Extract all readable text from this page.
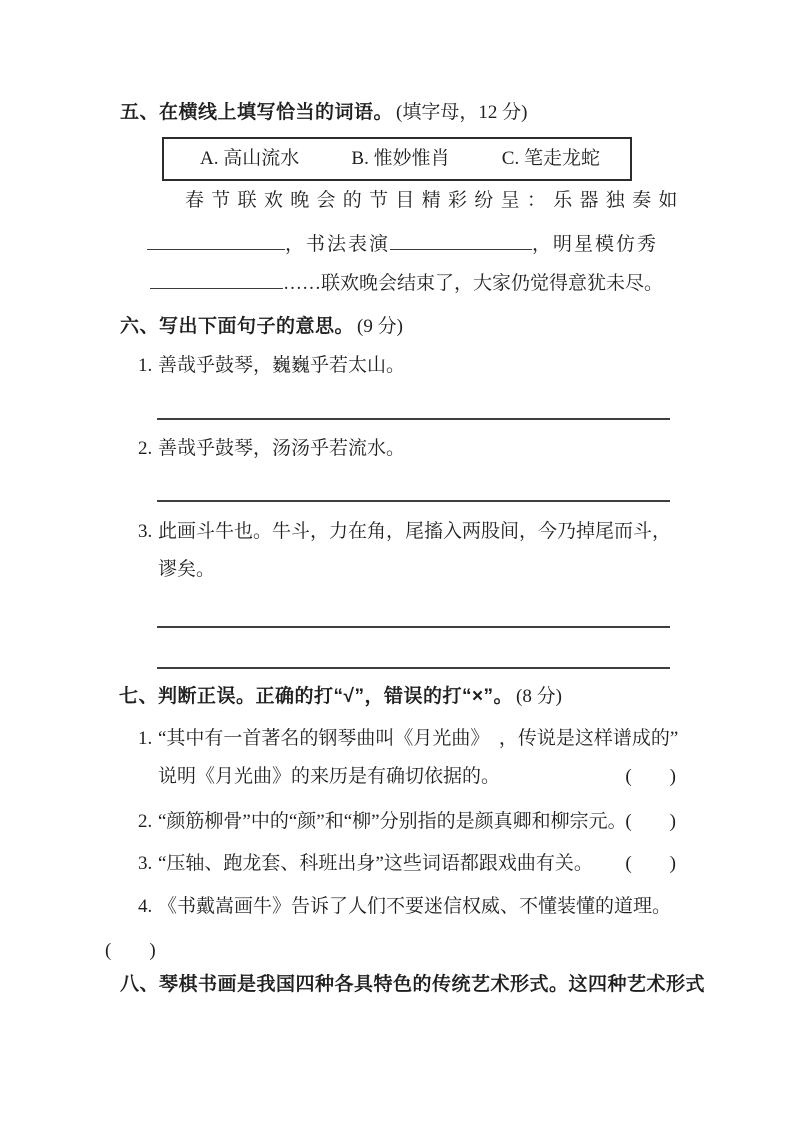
五、在横线上填写恰当的词语。 (填字母，12 分)
A. 高山流水	B. 惟妙惟肖	C. 笔走龙蛇
春节联欢晚会的节目精彩纷呈：乐器独奏如
，书法表演	，明星模仿秀
……联欢晚会结束了，大家仍觉得意犹未尽。
六、写出下面句子的意思。 (9 分)
1. 善哉乎鼓琴，巍巍乎若太山。
2. 善哉乎鼓琴，汤汤乎若流水。
3. 此画斗牛也。牛斗，力在角，尾搐入两股间，今乃掉尾而斗，
谬矣。
七、判断正误。正确的打“√”，错误的打“×”。 (8 分)
1. “其中有一首著名的钢琴曲叫《月光曲》 ，传说是这样谱成的”
说明《月光曲》的来历是有确切依据的。	(　　)
2. “颜筋柳骨”中的“颜”和“柳”分别指的是颜真卿和柳宗元。
(　　)
3. “压轴、跑龙套、科班出身”这些词语都跟戏曲有关。 (　　)
4. 《书戴嵩画牛》告诉了人们不要迷信权威、不懂装懂的道理。
(　　)
八、琴棋书画是我国四种各具特色的传统艺术形式。这四种艺术形式
